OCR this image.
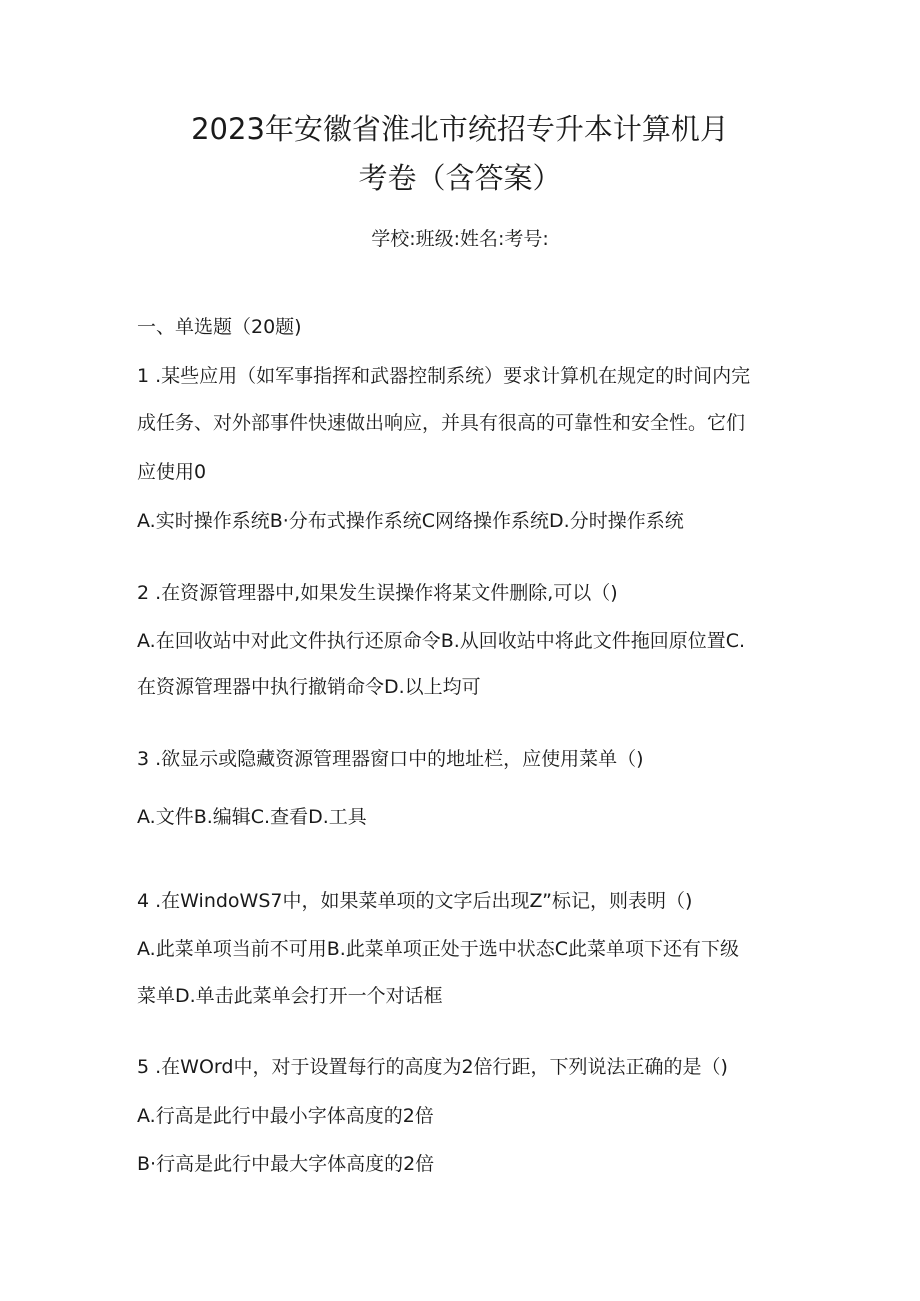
2023年安徽省淮北市统招专升本计算机月
考卷（含答案）
学校:班级:姓名:考号:
一、单选题（20题)
1 .某些应用（如军事指挥和武器控制系统）要求计算机在规定的时间内完
成任务、对外部事件快速做出响应，并具有很高的可靠性和安全性。它们
应使用0
A.实时操作系统B·分布式操作系统C网络操作系统D.分时操作系统
2 .在资源管理器中,如果发生误操作将某文件删除,可以（)
A.在回收站中对此文件执行还原命令B.从回收站中将此文件拖回原位置C.
在资源管理器中执行撤销命令D.以上均可
3 .欲显示或隐藏资源管理器窗口中的地址栏，应使用菜单（)
A.文件B.编辑C.查看D.工具
4 .在WindoWS7中，如果菜单项的文字后出现Z”标记，则表明（)
A.此菜单项当前不可用B.此菜单项正处于选中状态C此菜单项下还有下级
菜单D.单击此菜单会打开一个对话框
5 .在WOrd中，对于设置每行的高度为2倍行距，下列说法正确的是（)
A.行高是此行中最小字体高度的2倍
B·行高是此行中最大字体高度的2倍
